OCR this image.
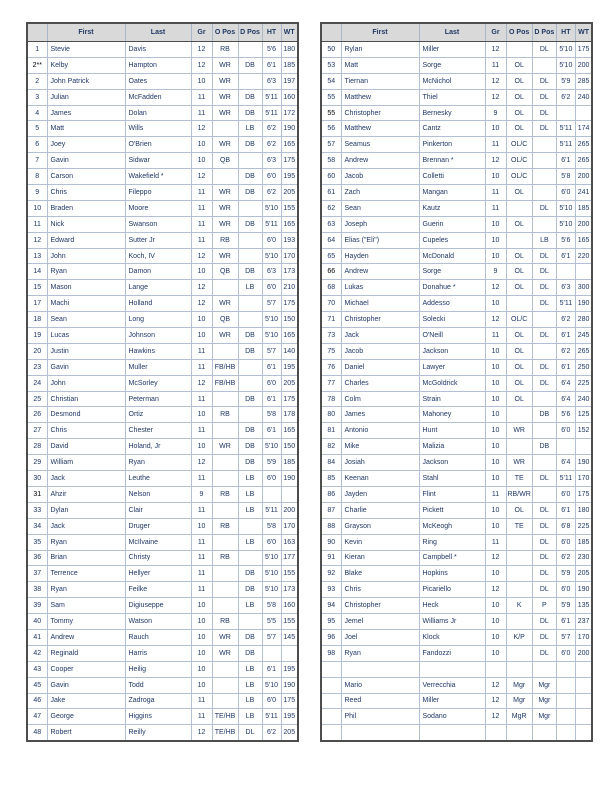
	First	Last	Gr	O Pos	D Pos	HT	WT
1	Stevie	Davis	12	RB		5'6	180
2**	Kelby	Hampton	12	WR	DB	6'1	185
2	John Patrick	Oates	10	WR		6'3	197
3	Julian	McFadden	11	WR	DB	5'11	160
4	James	Dolan	11	WR	DB	5'11	172
5	Matt	Wills	12		LB	6'2	190
6	Joey	O'Brien	10	WR	DB	6'2	165
7	Gavin	Sidwar	10	QB		6'3	175
8	Carson	Wakefield *	12		DB	6'0	195
9	Chris	Fileppo	11	WR	DB	6'2	205
10	Braden	Moore	11	WR		5'10	155
11	Nick	Swanson	11	WR	DB	5'11	165
12	Edward	Sutter Jr	11	RB		6'0	193
13	John	Koch, IV	12	WR		5'10	170
14	Ryan	Damon	10	QB	DB	6'3	173
15	Mason	Lange	12		LB	6'0	210
17	Machi	Holland	12	WR		5'7	175
18	Sean	Long	10	QB		5'10	150
19	Lucas	Johnson	10	WR	DB	5'10	165
20	Justin	Hawkins	11		DB	5'7	140
23	Gavin	Muller	11	FB/HB		6'1	195
24	John	McSorley	12	FB/HB		6'0	205
25	Christian	Peterman	11		DB	6'1	175
26	Desmond	Ortiz	10	RB		5'8	178
27	Chris	Chester	11		DB	6'1	165
28	David	Holand, Jr	10	WR	DB	5'10	150
29	William	Ryan	12		DB	5'9	185
30	Jack	Leuthe	11		LB	6'0	190
31	Ahzir	Nelson	9	RB	LB		
33	Dylan	Clair	11		LB	5'11	200
34	Jack	Druger	10	RB		5'8	170
35	Ryan	McIlvaine	11		LB	6'0	163
36	Brian	Christy	11	RB		5'10	177
37	Terrence	Hellyer	11		DB	5'10	155
38	Ryan	Feilke	11		DB	5'10	173
39	Sam	Digiuseppe	10		LB	5'8	160
40	Tommy	Watson	10	RB		5'5	155
41	Andrew	Rauch	10	WR	DB	5'7	145
42	Reginald	Harris	10	WR	DB		
43	Cooper	Heilig	10		LB	6'1	195
45	Gavin	Todd	10		LB	5'10	190
46	Jake	Zadroga	11		LB	6'0	175
47	George	Higgins	11	TE/HB	LB	5'11	195
48	Robert	Reilly	12	TE/HB	DL	6'2	205
	First	Last	Gr	O Pos	D Pos	HT	WT
50	Rylan	Miller	12		DL	5'10	175
53	Matt	Sorge	11	OL		5'10	200
54	Tiernan	McNichol	12	OL	DL	5'9	285
55	Matthew	Thiel	12	OL	DL	6'2	240
55	Christopher	Bernesky	9	OL	DL		
56	Matthew	Cantz	10	OL	DL	5'11	174
57	Seamus	Pinkerton	11	OL/C		5'11	265
58	Andrew	Brennan *	12	OL/C		6'1	265
60	Jacob	Colletti	10	OL/C		5'8	200
61	Zach	Mangan	11	OL		6'0	241
62	Sean	Kautz	11		DL	5'10	185
63	Joseph	Guerin	10	OL		5'10	200
64	Elias ("Eli")	Cupeles	10		LB	5'6	165
65	Hayden	McDonald	10	OL	DL	6'1	220
66	Andrew	Sorge	9	OL	DL		
68	Lukas	Donahue *	12	OL	DL	6'3	300
70	Michael	Addesso	10		DL	5'11	190
71	Christopher	Solecki	12	OL/C		6'2	280
73	Jack	O'Neill	11	OL	DL	6'1	245
75	Jacob	Jackson	10	OL		6'2	265
76	Daniel	Lawyer	10	OL	DL	6'1	250
77	Charles	McGoldrick	10	OL	DL	6'4	225
78	Colm	Strain	10	OL		6'4	240
80	James	Mahoney	10		DB	5'6	125
81	Antonio	Hunt	10	WR		6'0	152
82	Mike	Malizia	10		DB		
84	Josiah	Jackson	10	WR		6'4	190
85	Keenan	Stahl	10	TE	DL	5'11	170
86	Jayden	Flint	11	RB/WR		6'0	175
87	Charlie	Pickett	10	OL	DL	6'1	180
88	Grayson	McKeogh	10	TE	DL	6'8	225
90	Kevin	Ring	11		DL	6'0	185
91	Kieran	Campbell *	12		DL	6'2	230
92	Blake	Hopkins	10		DL	5'9	205
93	Chris	Picariello	12		DL	6'0	190
94	Christopher	Heck	10	K	P	5'9	135
95	Jemel	Williams Jr	10		DL	6'1	237
96	Joel	Klock	10	K/P	DL	5'7	170
98	Ryan	Fandozzi	10		DL	6'0	200

	Mario	Verrecchia	12	Mgr	Mgr		
	Reed	Miller	12	Mgr	Mgr		
	Phil	Sodano	12	MgR	Mgr		
